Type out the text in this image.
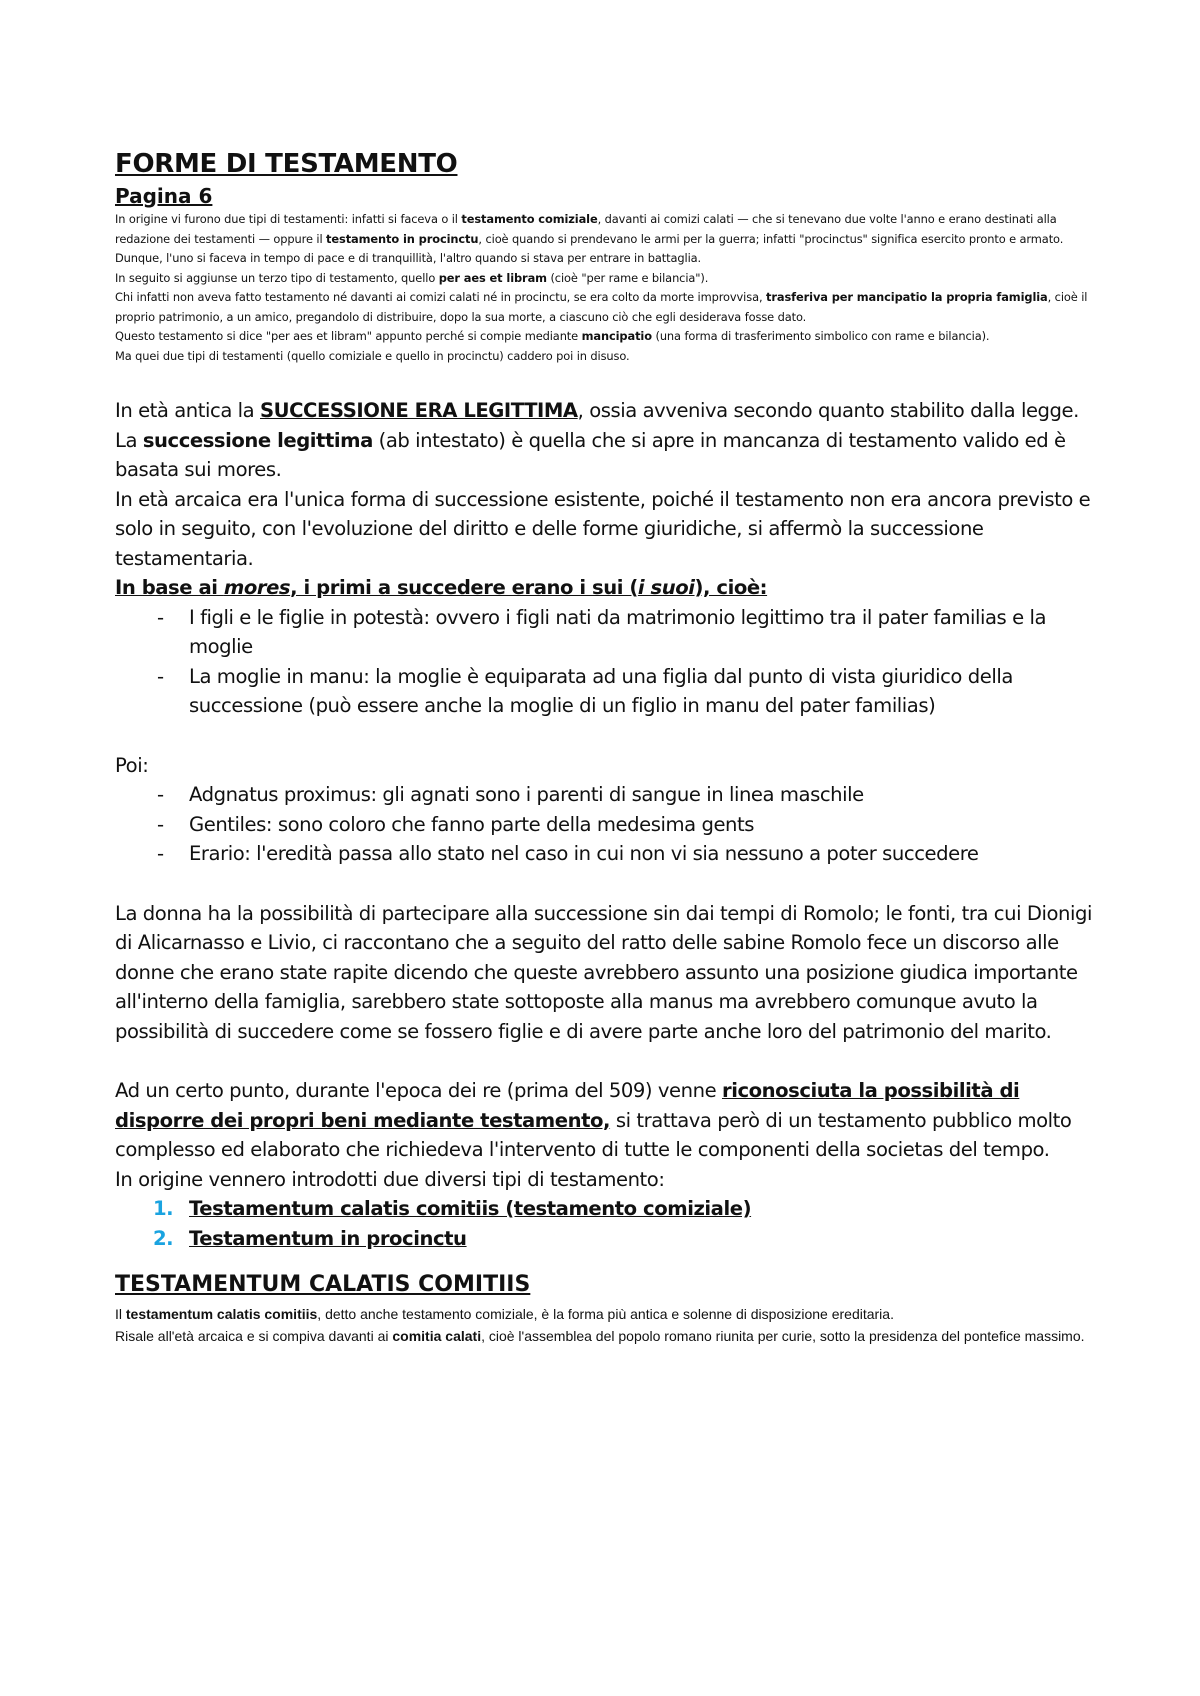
FORME DI TESTAMENTO
Pagina 6

In origine vi furono due tipi di testamenti: infatti si faceva o il testamento comiziale, davanti ai comizi calati — che si tenevano due volte l'anno e erano destinati alla redazione dei testamenti — oppure il testamento in procinctu, cioè quando si prendevano le armi per la guerra; infatti "procinctus" significa esercito pronto e armato.

Dunque, l'uno si faceva in tempo di pace e di tranquillità, l'altro quando si stava per entrare in battaglia.

In seguito si aggiunse un terzo tipo di testamento, quello per aes et libram (cioè "per rame e bilancia").

Chi infatti non aveva fatto testamento né davanti ai comizi calati né in procinctu, se era colto da morte improvvisa, trasferiva per mancipatio la propria famiglia, cioè il proprio patrimonio, a un amico, pregandolo di distribuire, dopo la sua morte, a ciascuno ciò che egli desiderava fosse dato.

Questo testamento si dice "per aes et libram" appunto perché si compie mediante mancipatio (una forma di trasferimento simbolico con rame e bilancia).

Ma quei due tipi di testamenti (quello comiziale e quello in procinctu) caddero poi in disuso.

In età antica la SUCCESSIONE ERA LEGITTIMA, ossia avveniva secondo quanto stabilito dalla legge.

La successione legittima (ab intestato) è quella che si apre in mancanza di testamento valido ed è basata sui mores.

In età arcaica era l'unica forma di successione esistente, poiché il testamento non era ancora previsto e solo in seguito, con l'evoluzione del diritto e delle forme giuridiche, si affermò la successione testamentaria.

In base ai mores, i primi a succedere erano i sui (i suoi), cioè:

- I figli e le figlie in potestà: ovvero i figli nati da matrimonio legittimo tra il pater familias e la moglie
- La moglie in manu: la moglie è equiparata ad una figlia dal punto di vista giuridico della successione (può essere anche la moglie di un figlio in manu del pater familias)

Poi:

- Adgnatus proximus: gli agnati sono i parenti di sangue in linea maschile
- Gentiles: sono coloro che fanno parte della medesima gents
- Erario: l'eredità passa allo stato nel caso in cui non vi sia nessuno a poter succedere

La donna ha la possibilità di partecipare alla successione sin dai tempi di Romolo; le fonti, tra cui Dionigi di Alicarnasso e Livio, ci raccontano che a seguito del ratto delle sabine Romolo fece un discorso alle donne che erano state rapite dicendo che queste avrebbero assunto una posizione giudica importante all'interno della famiglia, sarebbero state sottoposte alla manus ma avrebbero comunque avuto la possibilità di succedere come se fossero figlie e di avere parte anche loro del patrimonio del marito.

Ad un certo punto, durante l'epoca dei re (prima del 509) venne riconosciuta la possibilità di disporre dei propri beni mediante testamento, si trattava però di un testamento pubblico molto complesso ed elaborato che richiedeva l'intervento di tutte le componenti della societas del tempo.

In origine vennero introdotti due diversi tipi di testamento:

1. Testamentum calatis comitiis (testamento comiziale)
2. Testamentum in procinctu
TESTAMENTUM CALATIS COMITIIS

Il testamentum calatis comitiis, detto anche testamento comiziale, è la forma più antica e solenne di disposizione ereditaria.

Risale all'età arcaica e si compiva davanti ai comitia calati, cioè l'assemblea del popolo romano riunita per curie, sotto la presidenza del pontefice massimo.
